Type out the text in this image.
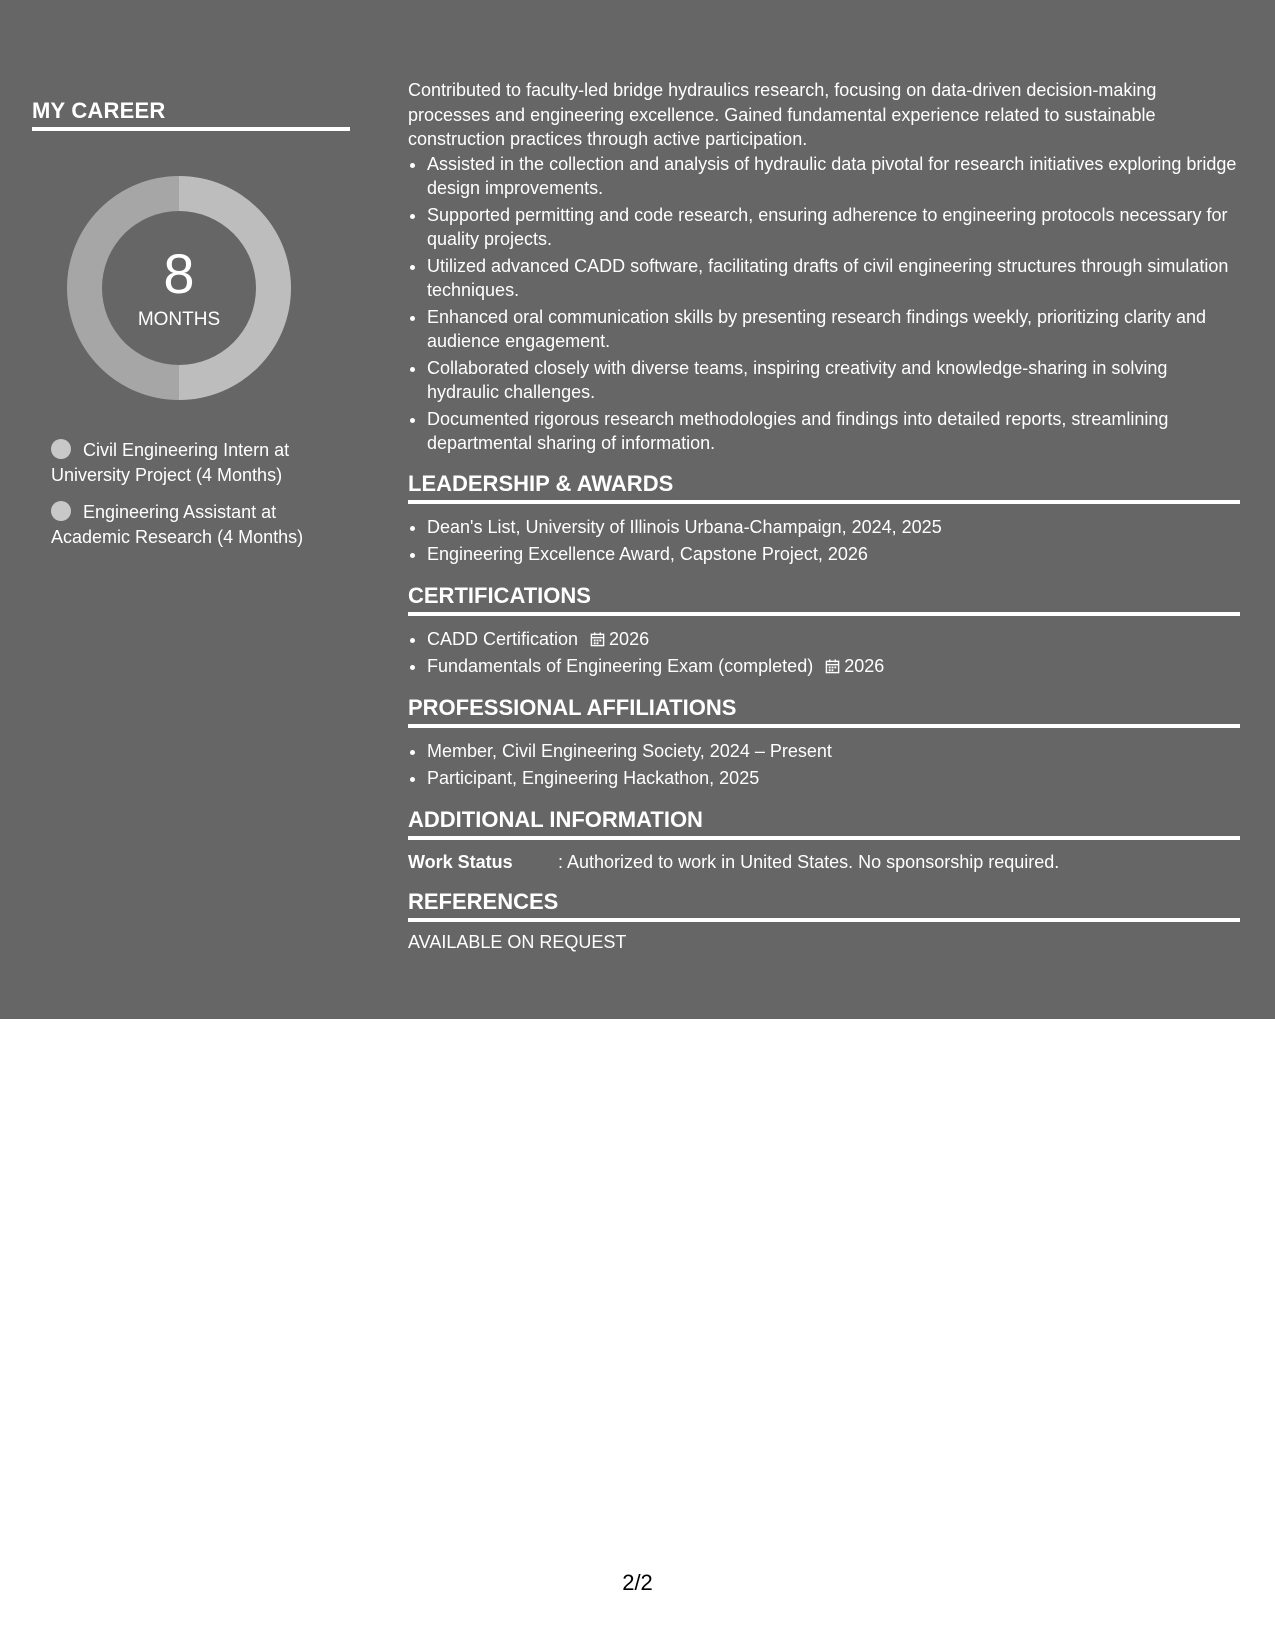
MY CAREER
8
MONTHS
Civil Engineering Intern at University Project (4 Months)
Engineering Assistant at Academic Research (4 Months)

Contributed to faculty-led bridge hydraulics research, focusing on data-driven decision-making processes and engineering excellence. Gained fundamental experience related to sustainable construction practices through active participation.

• Assisted in the collection and analysis of hydraulic data pivotal for research initiatives exploring bridge design improvements.
• Supported permitting and code research, ensuring adherence to engineering protocols necessary for quality projects.
• Utilized advanced CADD software, facilitating drafts of civil engineering structures through simulation techniques.
• Enhanced oral communication skills by presenting research findings weekly, prioritizing clarity and audience engagement.
• Collaborated closely with diverse teams, inspiring creativity and knowledge-sharing in solving hydraulic challenges.
• Documented rigorous research methodologies and findings into detailed reports, streamlining departmental sharing of information.
LEADERSHIP & AWARDS
• Dean's List, University of Illinois Urbana-Champaign, 2024, 2025
• Engineering Excellence Award, Capstone Project, 2026
CERTIFICATIONS
• CADD Certification 2026
• Fundamentals of Engineering Exam (completed) 2026
PROFESSIONAL AFFILIATIONS
• Member, Civil Engineering Society, 2024 – Present
• Participant, Engineering Hackathon, 2025
ADDITIONAL INFORMATION
Work Status	: Authorized to work in United States. No sponsorship required.
REFERENCES
AVAILABLE ON REQUEST
2/2
